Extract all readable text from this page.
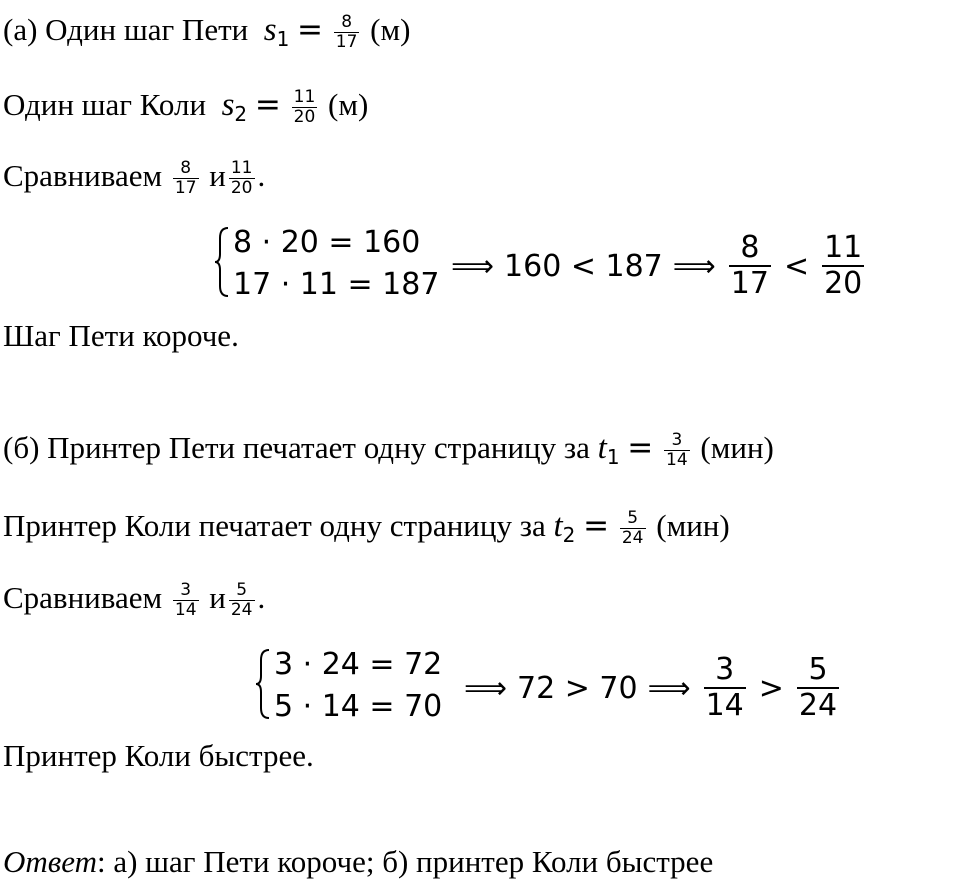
(а) Один шаг Пети $s_1 = \frac{8}{17} (м)$
Один шаг Коли $s_2 = \frac{11}{20} (м)$
Сравниваем $\frac{8}{17}$ и $\frac{11}{20}$ .
8 · 20 = 160
17 · 11 = 187
⟹ 160 < 187 ⟹ $\frac{8}{17} < \frac{11}{20}$
Шаг Пети короче.
(б) Принтер Пети печатает одну страницу за $t_1 = \frac{3}{14} (мин)$
Принтер Коли печатает одну страницу за $t_2 = \frac{5}{24} (мин)$
Сравниваем $\frac{3}{14}$ и $\frac{5}{24}$ .
3 · 24 = 72
5 · 14 = 70
⟹ 72 > 70 ⟹ $\frac{3}{14} > \frac{5}{24}$
Принтер Коли быстрее.
Ответ: а) шаг Пети короче; б) принтер Коли быстрее
